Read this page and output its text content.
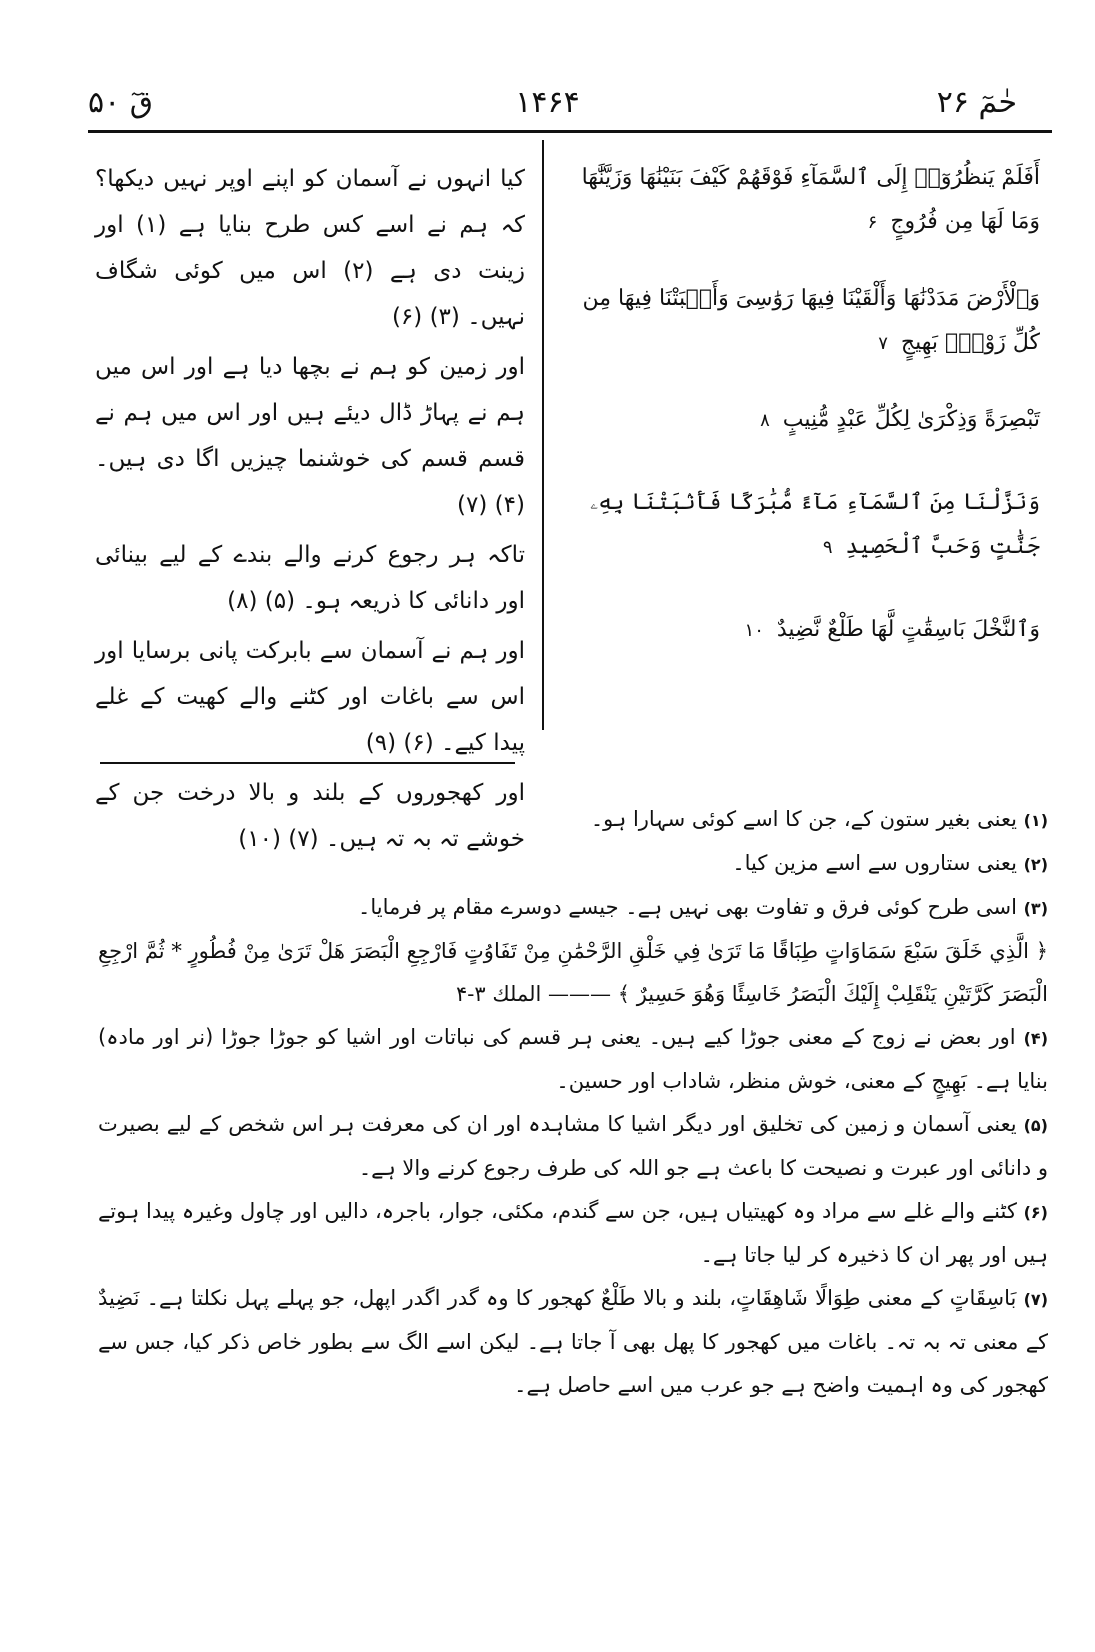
حٰمٓ ۲۶
۱۴۶۴
قٓ ۵۰

أَفَلَمْ يَنظُرُوٓا۟ إِلَى ٱلسَّمَآءِ فَوْقَهُمْ كَيْفَ بَنَيْنَٰهَا وَزَيَّنَّٰهَا وَمَا لَهَا مِن فُرُوجٍ ۶

وَٱلْأَرْضَ مَدَدْنَٰهَا وَأَلْقَيْنَا فِيهَا رَوَٰسِىَ وَأَنۢبَتْنَا فِيهَا مِن كُلِّ زَوْجٍۭ بَهِيجٍ ۷

تَبْصِرَةً وَذِكْرَىٰ لِكُلِّ عَبْدٍ مُّنِيبٍ ۸

وَنَزَّلْنَا مِنَ ٱلسَّمَآءِ مَآءً مُّبَٰرَكًا فَأَنۢبَتْنَا بِهِۦ جَنَّٰتٍ وَحَبَّ ٱلْحَصِيدِ ۹

وَٱلنَّخْلَ بَاسِقَٰتٍ لَّهَا طَلْعٌ نَّضِيدٌ ۱۰

کیا انہوں نے آسمان کو اپنے اوپر نہیں دیکھا؟ کہ ہم نے اسے کس طرح بنایا ہے (۱) اور زینت دی ہے (۲) اس میں کوئی شگاف نہیں۔ (۳) (۶)

اور زمین کو ہم نے بچھا دیا ہے اور اس میں ہم نے پہاڑ ڈال دیئے ہیں اور اس میں ہم نے قسم قسم کی خوشنما چیزیں اگا دی ہیں۔ (۴) (۷)

تاکہ ہر رجوع کرنے والے بندے کے لیے بینائی اور دانائی کا ذریعہ ہو۔ (۵) (۸)

اور ہم نے آسمان سے بابرکت پانی برسایا اور اس سے باغات اور کٹنے والے کھیت کے غلے پیدا کیے۔ (۶) (۹)

اور کھجوروں کے بلند و بالا درخت جن کے خوشے تہ بہ تہ ہیں۔ (۷) (۱۰)

(۱) یعنی بغیر ستون کے، جن کا اسے کوئی سہارا ہو۔

(۲) یعنی ستاروں سے اسے مزین کیا۔

(۳) اسی طرح کوئی فرق و تفاوت بھی نہیں ہے۔ جیسے دوسرے مقام پر فرمایا۔

﴿ الَّذِي خَلَقَ سَبْعَ سَمَاوَاتٍ طِبَاقًا مَا تَرَىٰ فِي خَلْقِ الرَّحْمَٰنِ مِنْ تَفَاوُتٍ فَارْجِعِ الْبَصَرَ هَلْ تَرَىٰ مِنْ فُطُورٍ * ثُمَّ ارْجِعِ الْبَصَرَ كَرَّتَيْنِ يَنْقَلِبْ إِلَيْكَ الْبَصَرُ خَاسِئًا وَهُوَ حَسِيرٌ ﴾ ——— الملك ۳-۴

(۴) اور بعض نے زوج کے معنی جوڑا کیے ہیں۔ یعنی ہر قسم کی نباتات اور اشیا کو جوڑا جوڑا (نر اور مادہ) بنایا ہے۔ بَهِيجٍ کے معنی، خوش منظر، شاداب اور حسین۔

(۵) یعنی آسمان و زمین کی تخلیق اور دیگر اشیا کا مشاہدہ اور ان کی معرفت ہر اس شخص کے لیے بصیرت و دانائی اور عبرت و نصیحت کا باعث ہے جو اللہ کی طرف رجوع کرنے والا ہے۔

(۶) کٹنے والے غلے سے مراد وہ کھیتیاں ہیں، جن سے گندم، مکئی، جوار، باجرہ، دالیں اور چاول وغیرہ پیدا ہوتے ہیں اور پھر ان کا ذخیرہ کر لیا جاتا ہے۔

(۷) بَاسِقَاتٍ کے معنی طِوَالًا شَاهِقَاتٍ، بلند و بالا طَلْعٌ کھجور کا وہ گدر اگدر اپھل، جو پہلے پہل نکلتا ہے۔ نَضِيدٌ کے معنی تہ بہ تہ۔ باغات میں کھجور کا پھل بھی آ جاتا ہے۔ لیکن اسے الگ سے بطور خاص ذکر کیا، جس سے کھجور کی وہ اہمیت واضح ہے جو عرب میں اسے حاصل ہے۔
